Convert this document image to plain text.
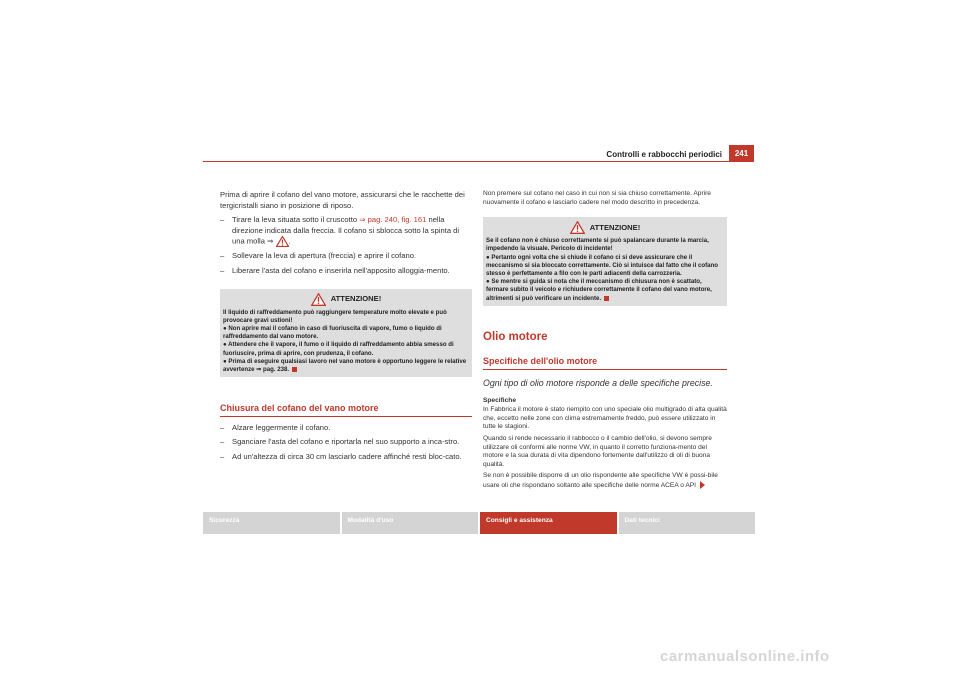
Controlli e rabbocchi periodici	241

Prima di aprire il cofano del vano motore, assicurarsi che le racchette dei tergicristalli siano in posizione di riposo.

– Tirare la leva situata sotto il cruscotto ⇒ pag. 240, fig. 161 nella direzione indicata dalla freccia. Il cofano si sblocca sotto la spinta di una molla ⇒ .
– Sollevare la leva di apertura (freccia) e aprire il cofano.
– Liberare l'asta del cofano e inserirla nell'apposito alloggia-mento.
ATTENZIONE!
Il liquido di raffreddamento può raggiungere temperature molto elevate e può provocare gravi ustioni!
● Non aprire mai il cofano in caso di fuoriuscita di vapore, fumo o liquido di raffreddamento dal vano motore.
● Attendere che il vapore, il fumo o il liquido di raffreddamento abbia smesso di fuoriuscire, prima di aprire, con prudenza, il cofano.
● Prima di eseguire qualsiasi lavoro nel vano motore è opportuno leggere le relative avvertenze ⇒ pag. 238.
Chiusura del cofano del vano motore
– Alzare leggermente il cofano.
– Sganciare l'asta del cofano e riportarla nel suo supporto a inca-stro.
– Ad un'altezza di circa 30 cm lasciarlo cadere affinché resti bloc-cato.

Non premere sul cofano nel caso in cui non si sia chiuso correttamente. Aprire nuovamente il cofano e lasciarlo cadere nel modo descritto in precedenza.

ATTENZIONE!
Se il cofano non è chiuso correttamente si può spalancare durante la marcia, impedendo la visuale. Pericolo di incidente!
● Pertanto ogni volta che si chiude il cofano ci si deve assicurare che il meccanismo si sia bloccato correttamente. Ciò si intuisce dal fatto che il cofano stesso è perfettamente a filo con le parti adiacenti della carrozzeria.
● Se mentre si guida si nota che il meccanismo di chiusura non è scattato, fermare subito il veicolo e richiudere correttamente il cofano del vano motore, altrimenti si può verificare un incidente.
Olio motore
Specifiche dell'olio motore
Ogni tipo di olio motore risponde a delle specifiche precise.
Specifiche

In Fabbrica il motore è stato riempito con uno speciale olio multigrado di alta qualità che, eccetto nelle zone con clima estremamente freddo, può essere utilizzato in tutte le stagioni.

Quando si rende necessario il rabbocco o il cambio dell'olio, si devono sempre utilizzare oli conformi alle norme VW, in quanto il corretto funziona-mento del motore e la sua durata di vita dipendono fortemente dall'utilizzo di oli di buona qualità.

Se non è possibile disporre di un olio rispondente alle specifiche VW è possi-bile usare oli che rispondano soltanto alle specifiche delle norme ACEA o API

Sicurezza	Modalità d'uso	Consigli e assistenza	Dati tecnici
carmanualsonline.info
